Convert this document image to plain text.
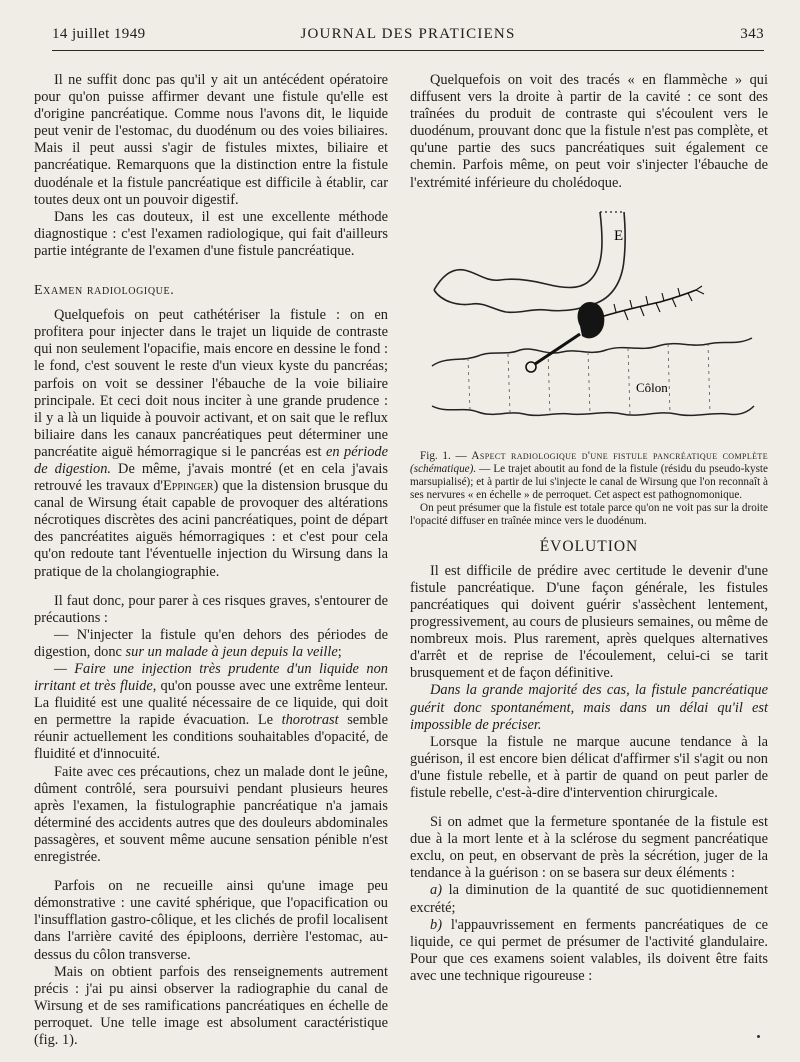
14 juillet 1949	JOURNAL DES PRATICIENS	343

Il ne suffit donc pas qu'il y ait un antécédent opératoire pour qu'on puisse affirmer devant une fistule qu'elle est d'origine pancréatique. Comme nous l'avons dit, le liquide peut venir de l'estomac, du duodénum ou des voies biliaires. Mais il peut aussi s'agir de fistules mixtes, biliaire et pancréatique. Remarquons que la distinction entre la fistule duodénale et la fistule pancréatique est difficile à établir, car toutes deux ont un pouvoir digestif.

Dans les cas douteux, il est une excellente méthode diagnostique : c'est l'examen radiologique, qui fait d'ailleurs partie intégrante de l'examen d'une fistule pancréatique.

Examen radiologique.

Quelquefois on peut cathétériser la fistule : on en profitera pour injecter dans le trajet un liquide de contraste qui non seulement l'opacifie, mais encore en dessine le fond : le fond, c'est souvent le reste d'un vieux kyste du pancréas; parfois on voit se dessiner l'ébauche de la voie biliaire principale. Et ceci doit nous inciter à une grande prudence : il y a là un liquide à pouvoir activant, et on sait que le reflux biliaire dans les canaux pancréatiques peut déterminer une pancréatite aiguë hémorragique si le pancréas est en période de digestion. De même, j'avais montré (et en cela j'avais retrouvé les travaux d'Eppinger) que la distension brusque du canal de Wirsung était capable de provoquer des altérations nécrotiques discrètes des acini pancréatiques, point de départ des pancréatites aiguës hémorragiques : et c'est pour cela qu'on redoute tant l'éventuelle injection du Wirsung dans la pratique de la cholangiographie.

Il faut donc, pour parer à ces risques graves, s'entourer de précautions :

— N'injecter la fistule qu'en dehors des périodes de digestion, donc sur un malade à jeun depuis la veille;

— Faire une injection très prudente d'un liquide non irritant et très fluide, qu'on pousse avec une extrême lenteur. La fluidité est une qualité nécessaire de ce liquide, qui doit en permettre la rapide évacuation. Le thorotrast semble réunir actuellement les conditions souhaitables d'opacité, de fluidité et d'innocuité.

Faite avec ces précautions, chez un malade dont le jeûne, dûment contrôlé, sera poursuivi pendant plusieurs heures après l'examen, la fistulographie pancréatique n'a jamais déterminé des accidents autres que des douleurs abdominales passagères, et souvent même aucune sensation pénible n'est enregistrée.

Parfois on ne recueille ainsi qu'une image peu démonstrative : une cavité sphérique, que l'opacification ou l'insufflation gastro-côlique, et les clichés de profil localisent dans l'arrière cavité des épiploons, derrière l'estomac, au-dessus du côlon transverse.

Mais on obtient parfois des renseignements autrement précis : j'ai pu ainsi observer la radiographie du canal de Wirsung et de ses ramifications pancréatiques en échelle de perroquet. Une telle image est absolument caractéristique (fig. 1).

Quelquefois on voit des tracés « en flammèche » qui diffusent vers la droite à partir de la cavité : ce sont des traînées du produit de contraste qui s'écoulent vers le duodénum, prouvant donc que la fistule n'est pas complète, et qu'une partie des sucs pancréatiques suit également ce chemin. Parfois même, on peut voir s'injecter l'ébauche de l'extrémité inférieure du cholédoque.

E
Côlon

Fig. 1. — Aspect radiologique d'une fistule pancréatique complète (schématique). — Le trajet aboutit au fond de la fistule (résidu du pseudo-kyste marsupialisé); et à partir de lui s'injecte le canal de Wirsung que l'on reconnaît à ses nervures « en échelle » de perroquet. Cet aspect est pathognomonique.

On peut présumer que la fistule est totale parce qu'on ne voit pas sur la droite l'opacité diffuser en traînée mince vers le duodénum.

ÉVOLUTION

Il est difficile de prédire avec certitude le devenir d'une fistule pancréatique. D'une façon générale, les fistules pancréatiques qui doivent guérir s'assèchent lentement, progressivement, au cours de plusieurs semaines, ou même de nombreux mois. Plus rarement, après quelques alternatives d'arrêt et de reprise de l'écoulement, celui-ci se tarit brusquement et de façon définitive.

Dans la grande majorité des cas, la fistule pancréatique guérit donc spontanément, mais dans un délai qu'il est impossible de préciser.

Lorsque la fistule ne marque aucune tendance à la guérison, il est encore bien délicat d'affirmer s'il s'agit ou non d'une fistule rebelle, et à partir de quand on peut parler de fistule rebelle, c'est-à-dire d'intervention chirurgicale.

Si on admet que la fermeture spontanée de la fistule est due à la mort lente et à la sclérose du segment pancréatique exclu, on peut, en observant de près la sécrétion, juger de la tendance à la guérison : on se basera sur deux éléments :

a) la diminution de la quantité de suc quotidiennement excrété;

b) l'appauvrissement en ferments pancréatiques de ce liquide, ce qui permet de présumer de l'activité glandulaire. Pour que ces examens soient valables, ils doivent être faits avec une technique rigoureuse :
